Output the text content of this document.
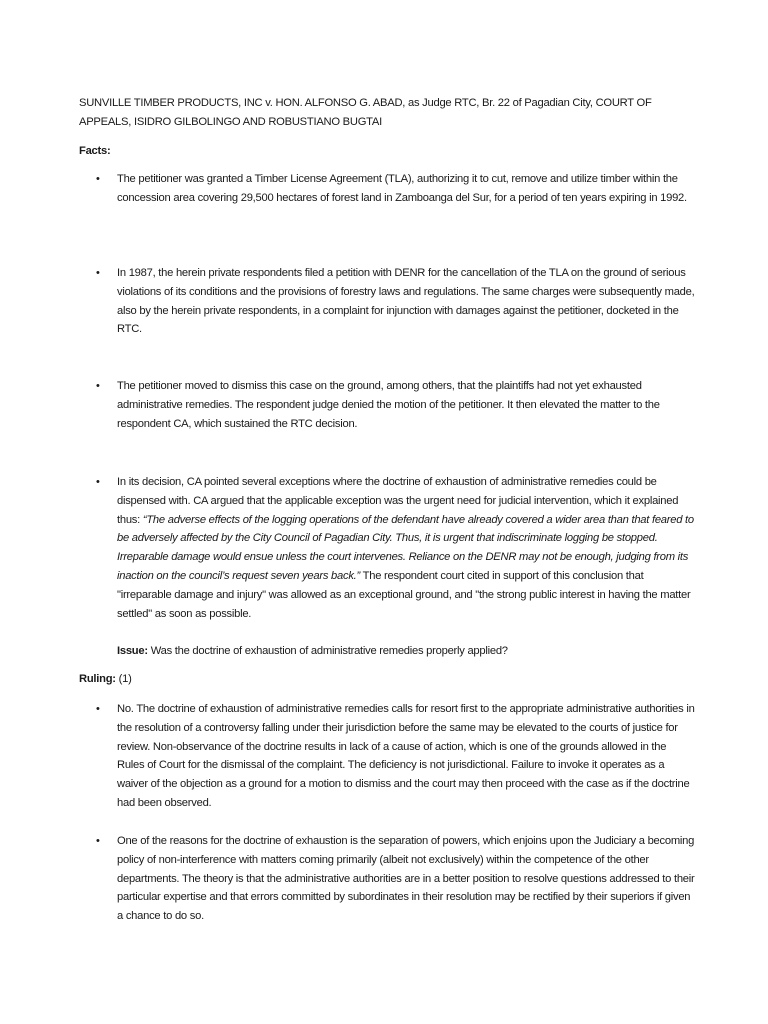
SUNVILLE TIMBER PRODUCTS, INC v. HON. ALFONSO G. ABAD, as Judge RTC, Br. 22 of Pagadian City, COURT OF APPEALS, ISIDRO GILBOLINGO AND ROBUSTIANO BUGTAI

Facts:

•	The petitioner was granted a Timber License Agreement (TLA), authorizing it to cut, remove and utilize timber within the concession area covering 29,500 hectares of forest land in Zamboanga del Sur, for a period of ten years expiring in 1992.
•	In 1987, the herein private respondents filed a petition with DENR for the cancellation of the TLA on the ground of serious violations of its conditions and the provisions of forestry laws and regulations. The same charges were subsequently made, also by the herein private respondents, in a complaint for injunction with damages against the petitioner, docketed in the RTC.
•	The petitioner moved to dismiss this case on the ground, among others, that the plaintiffs had not yet exhausted administrative remedies. The respondent judge denied the motion of the petitioner. It then elevated the matter to the respondent CA, which sustained the RTC decision.
•	In its decision, CA pointed several exceptions where the doctrine of exhaustion of administrative remedies could be dispensed with. CA argued that the applicable exception was the urgent need for judicial intervention, which it explained thus: “The adverse effects of the logging operations of the defendant have already covered a wider area than that feared to be adversely affected by the City Council of Pagadian City. Thus, it is urgent that indiscriminate logging be stopped. Irreparable damage would ensue unless the court intervenes. Reliance on the DENR may not be enough, judging from its inaction on the council’s request seven years back.” The respondent court cited in support of this conclusion that "irreparable damage and injury" was allowed as an exceptional ground, and "the strong public interest in having the matter settled" as soon as possible.

Issue: Was the doctrine of exhaustion of administrative remedies properly applied?

Ruling: (1)

•	No. The doctrine of exhaustion of administrative remedies calls for resort first to the appropriate administrative authorities in the resolution of a controversy falling under their jurisdiction before the same may be elevated to the courts of justice for review. Non-observance of the doctrine results in lack of a cause of action, which is one of the grounds allowed in the Rules of Court for the dismissal of the complaint. The deficiency is not jurisdictional. Failure to invoke it operates as a waiver of the objection as a ground for a motion to dismiss and the court may then proceed with the case as if the doctrine had been observed.
•	One of the reasons for the doctrine of exhaustion is the separation of powers, which enjoins upon the Judiciary a becoming policy of non-interference with matters coming primarily (albeit not exclusively) within the competence of the other departments. The theory is that the administrative authorities are in a better position to resolve questions addressed to their particular expertise and that errors committed by subordinates in their resolution may be rectified by their superiors if given a chance to do so.
